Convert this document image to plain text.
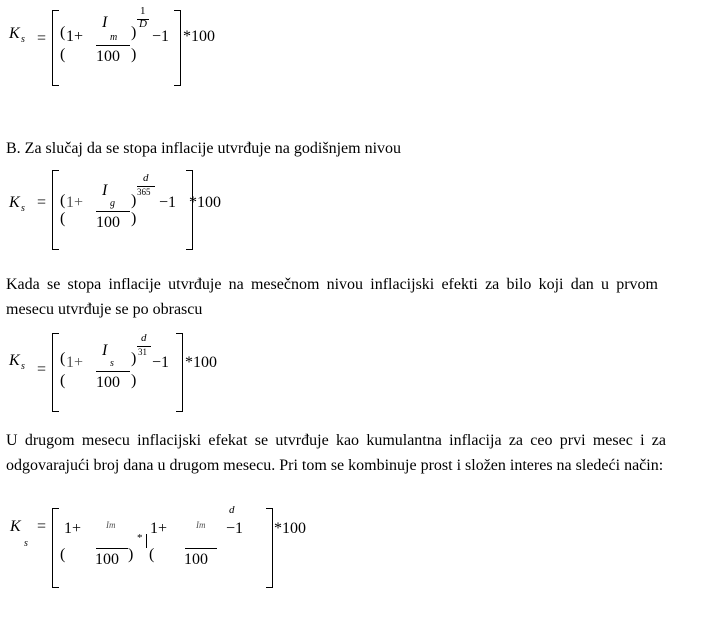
K s = (
(
1+
I
m
100
)
)
1
D
−1 *100
B. Za slučaj da se stopa inflacije utvrđuje na godišnjem nivou
K s = (
(
1+
I
g
100
)
)
d
365
−1 *100
Kada se stopa inflacije utvrđuje na mesečnom nivou inflacijski efekti za bilo koji dan u prvom mesecu utvrđuje se po obrascu
K s =
(
(
1+
I
s
100
)
)
d
31
−1 *100
U drugom mesecu inflacijski efekat se utvrđuje kao kumulantna inflacija za ceo prvi mesec i za odgovarajući broj dana u drugom mesecu. Pri tom se kombinuje prost i složen interes na sledeći način:
K
s
=
(
1+	Im
100 )
*
(
1+	Im
100
d
−1 *100
